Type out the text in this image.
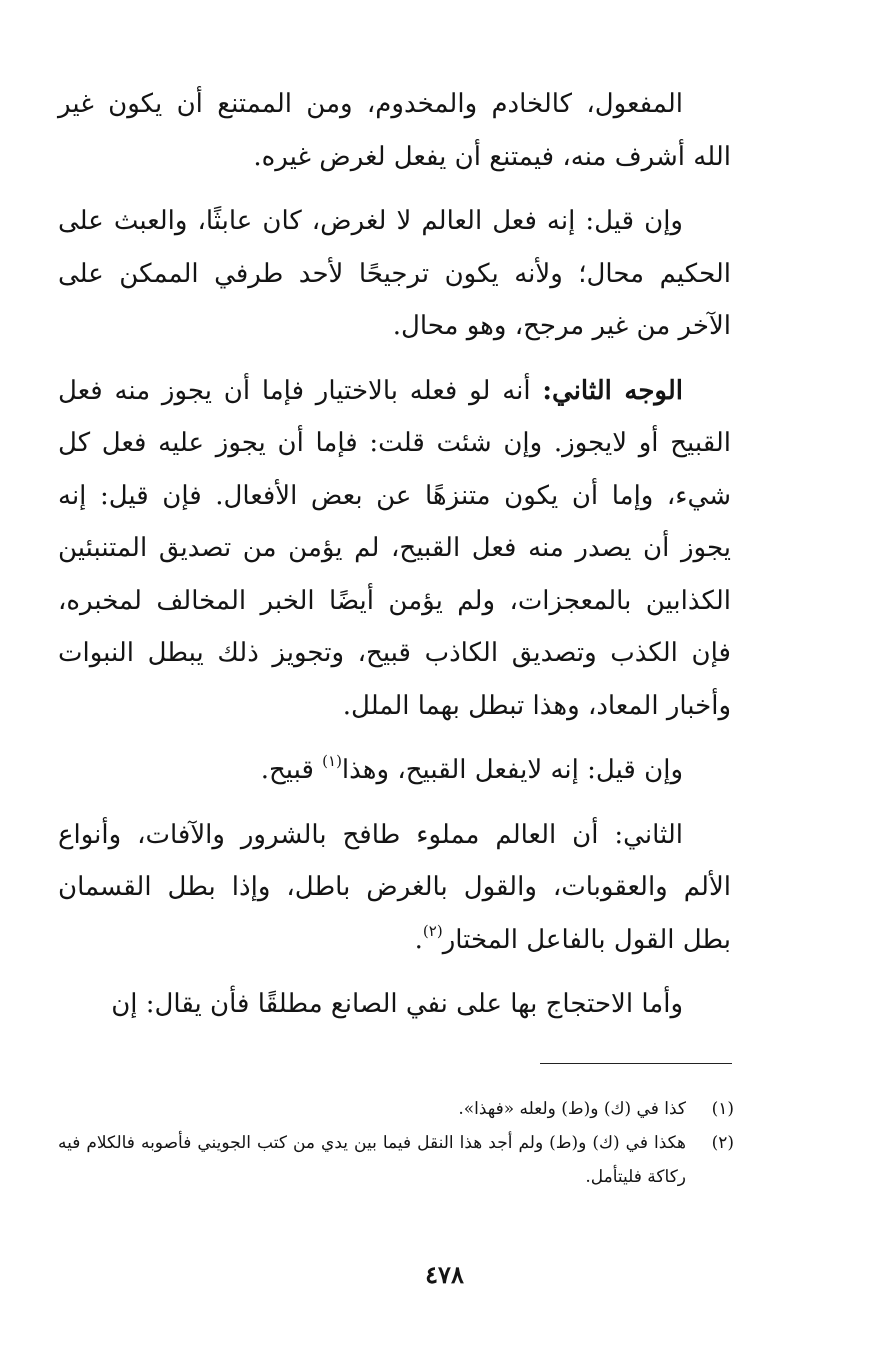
المفعول، كالخادم والمخدوم، ومن الممتنع أن يكون غير الله أشرف منه، فيمتنع أن يفعل لغرض غيره.

وإن قيل: إنه فعل العالم لا لغرض، كان عابثًا، والعبث على الحكيم محال؛ ولأنه يكون ترجيحًا لأحد طرفي الممكن على الآخر من غير مرجح، وهو محال.

الوجه الثاني: أنه لو فعله بالاختيار فإما أن يجوز منه فعل القبيح أو لايجوز. وإن شئت قلت: فإما أن يجوز عليه فعل كل شيء، وإما أن يكون متنزهًا عن بعض الأفعال. فإن قيل: إنه يجوز أن يصدر منه فعل القبيح، لم يؤمن من تصديق المتنبئين الكذابين بالمعجزات، ولم يؤمن أيضًا الخبر المخالف لمخبره، فإن الكذب وتصديق الكاذب قبيح، وتجويز ذلك يبطل النبوات وأخبار المعاد، وهذا تبطل بهما الملل.

وإن قيل: إنه لايفعل القبيح، وهذا$^{(١)}$ قبيح.

الثاني: أن العالم مملوء طافح بالشرور والآفات، وأنواع الألم والعقوبات، والقول بالغرض باطل، وإذا بطل القسمان بطل القول بالفاعل المختار$^{(٢)}$.

وأما الاحتجاج بها على نفي الصانع مطلقًا فأن يقال: إن

(١)
كذا في (ك) و(ط) ولعله «فهذا».
(٢)
هكذا في (ك) و(ط) ولم أجد هذا النقل فيما بين يدي من كتب الجويني فأصوبه فالكلام فيه ركاكة فليتأمل.
٤٧٨
